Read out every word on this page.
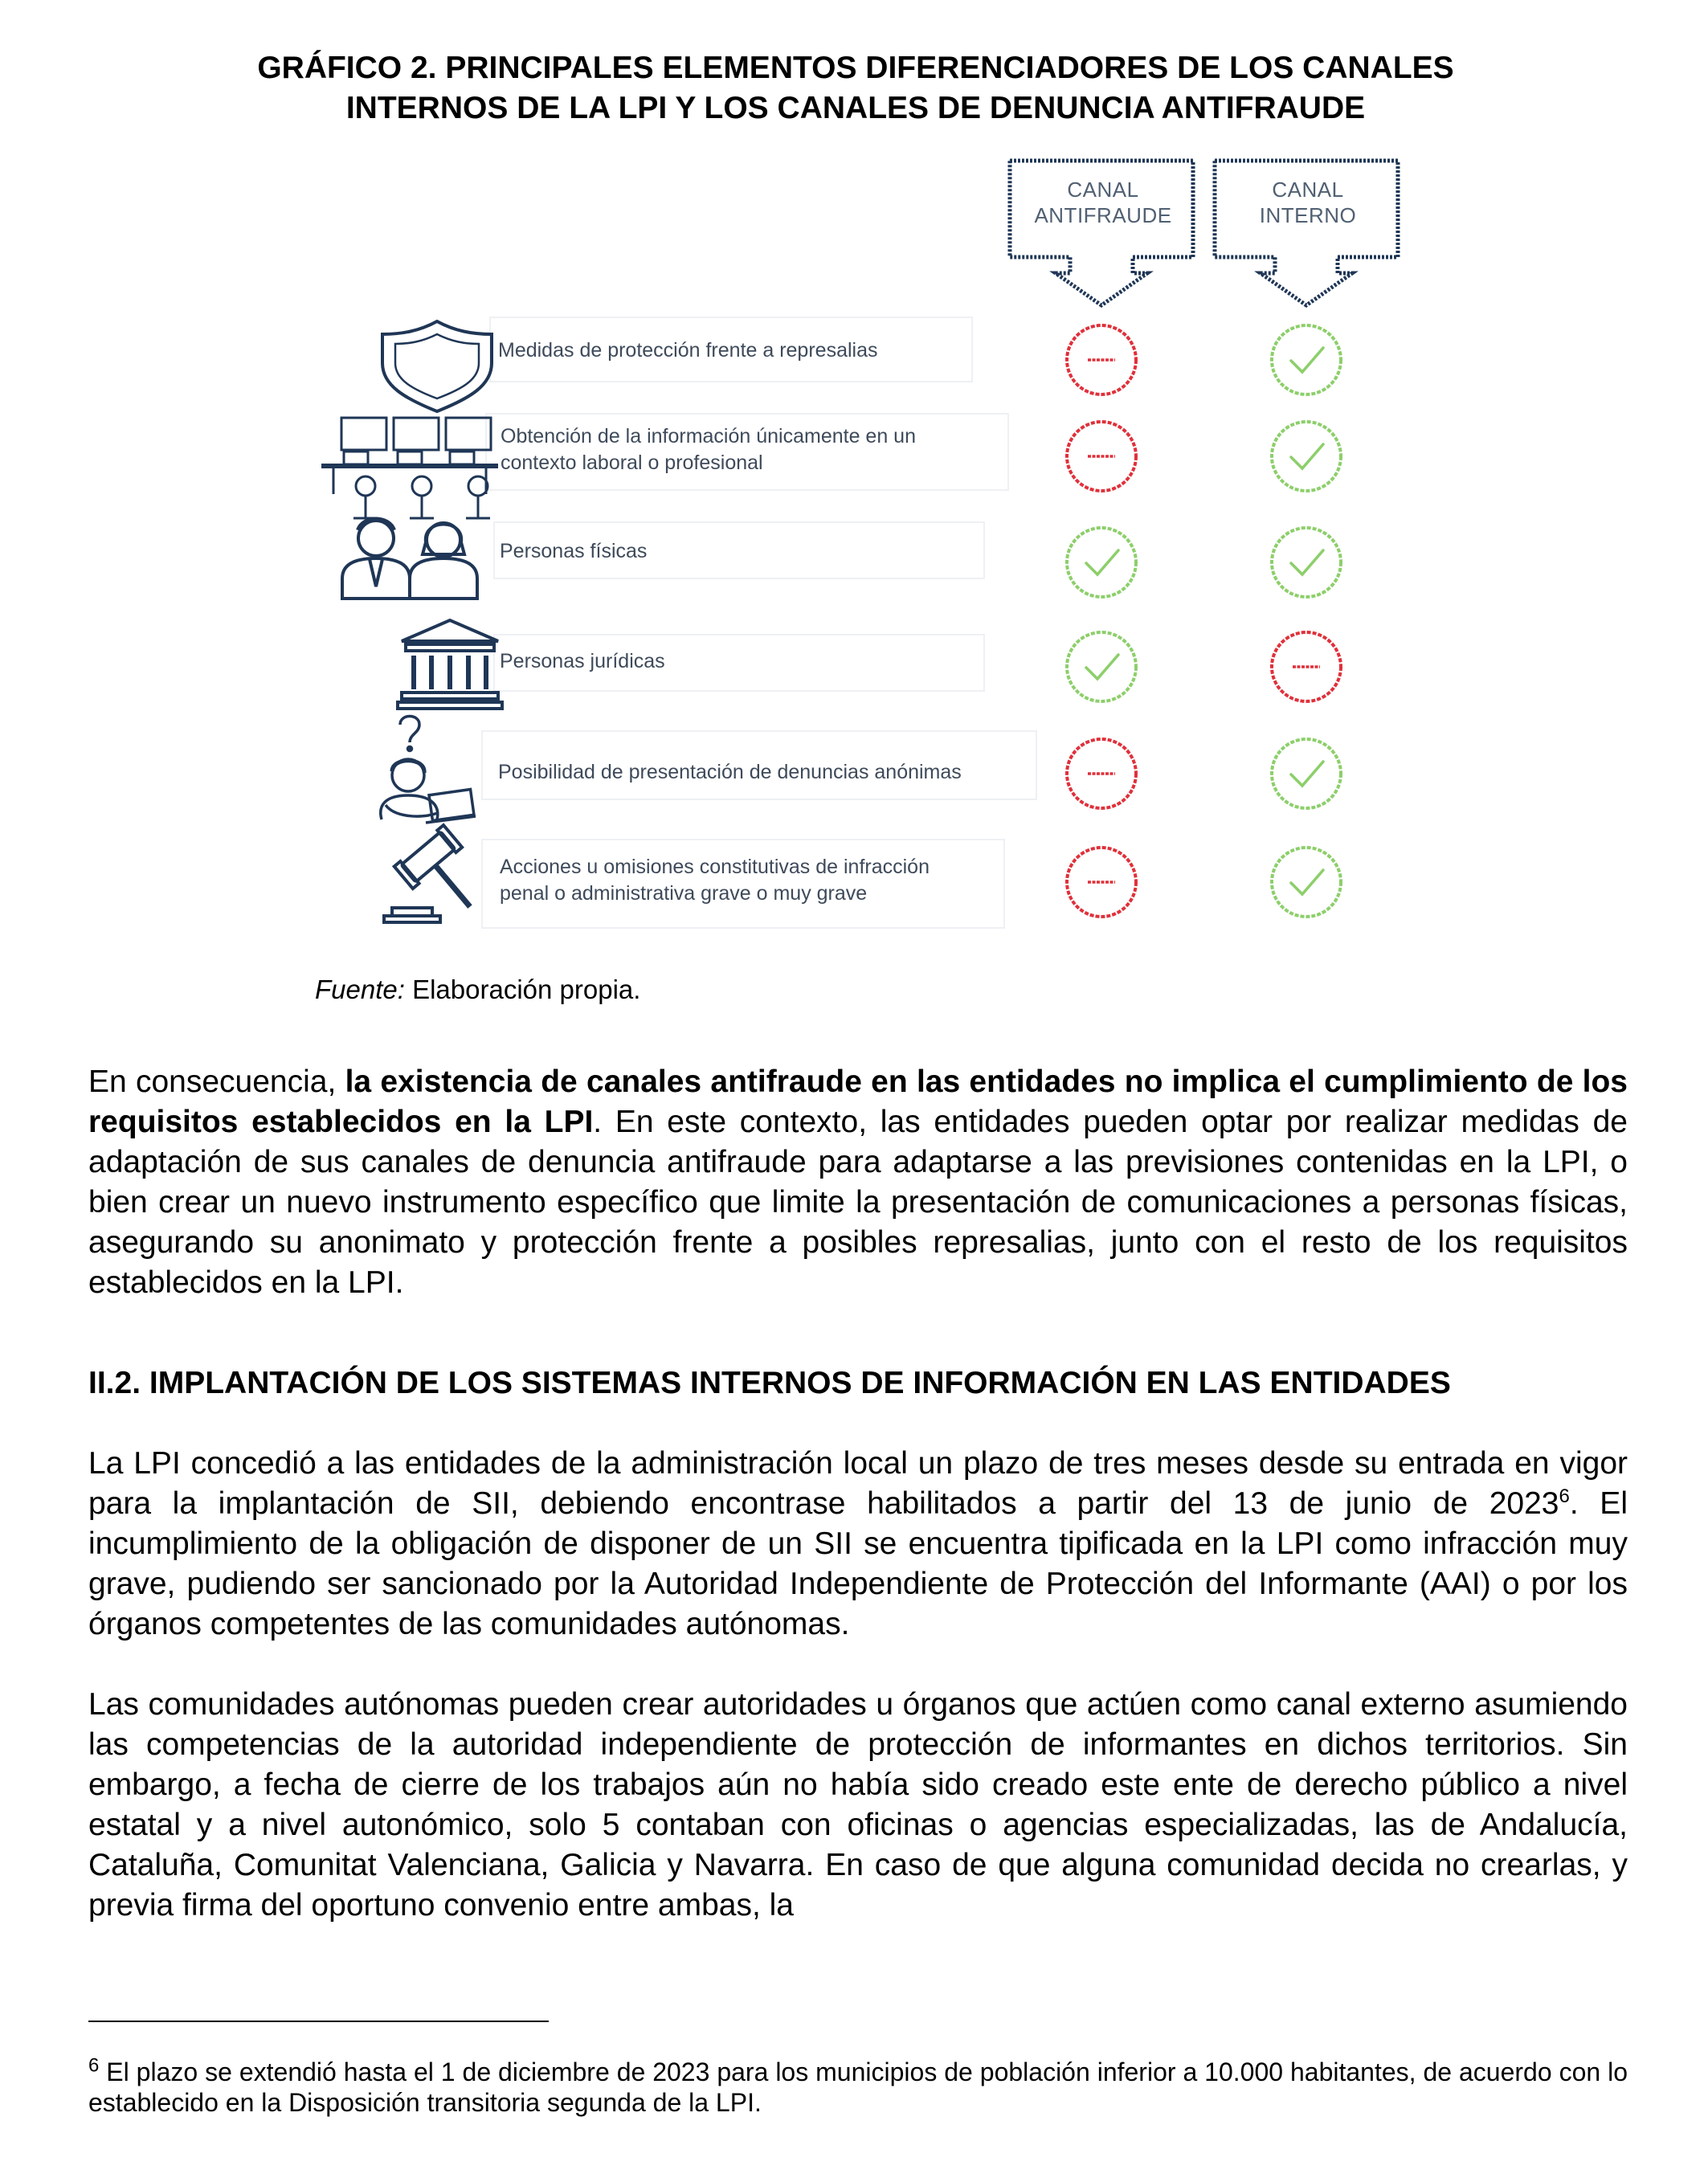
GRÁFICO 2. PRINCIPALES ELEMENTOS DIFERENCIADORES DE LOS CANALES
INTERNOS DE LA LPI Y LOS CANALES DE DENUNCIA ANTIFRAUDE
CANAL
ANTIFRAUDE
CANAL
INTERNO
Medidas de protección frente a represalias
Obtención de la información únicamente en un
contexto laboral o profesional
Personas físicas
Personas jurídicas
Posibilidad de presentación de denuncias anónimas
Acciones u omisiones constitutivas de infracción
penal o administrativa grave o muy grave
Fuente: Elaboración propia.
En consecuencia, la existencia de canales antifraude en las entidades no implica el cumplimiento de los requisitos establecidos en la LPI. En este contexto, las entidades pueden optar por realizar medidas de adaptación de sus canales de denuncia antifraude para adaptarse a las previsiones contenidas en la LPI, o bien crear un nuevo instrumento específico que limite la presentación de comunicaciones a personas físicas, asegurando su anonimato y protección frente a posibles represalias, junto con el resto de los requisitos establecidos en la LPI.
II.2. IMPLANTACIÓN DE LOS SISTEMAS INTERNOS DE INFORMACIÓN EN LAS ENTIDADES
La LPI concedió a las entidades de la administración local un plazo de tres meses desde su entrada en vigor para la implantación de SII, debiendo encontrase habilitados a partir del 13 de junio de 2023$^6$. El incumplimiento de la obligación de disponer de un SII se encuentra tipificada en la LPI como infracción muy grave, pudiendo ser sancionado por la Autoridad Independiente de Protección del Informante (AAI) o por los órganos competentes de las comunidades autónomas.
Las comunidades autónomas pueden crear autoridades u órganos que actúen como canal externo asumiendo las competencias de la autoridad independiente de protección de informantes en dichos territorios. Sin embargo, a fecha de cierre de los trabajos aún no había sido creado este ente de derecho público a nivel estatal y a nivel autonómico, solo 5 contaban con oficinas o agencias especializadas, las de Andalucía, Cataluña, Comunitat Valenciana, Galicia y Navarra. En caso de que alguna comunidad decida no crearlas, y previa firma del oportuno convenio entre ambas, la
$^6$ El plazo se extendió hasta el 1 de diciembre de 2023 para los municipios de población inferior a 10.000 habitantes, de acuerdo con lo establecido en la Disposición transitoria segunda de la LPI.
